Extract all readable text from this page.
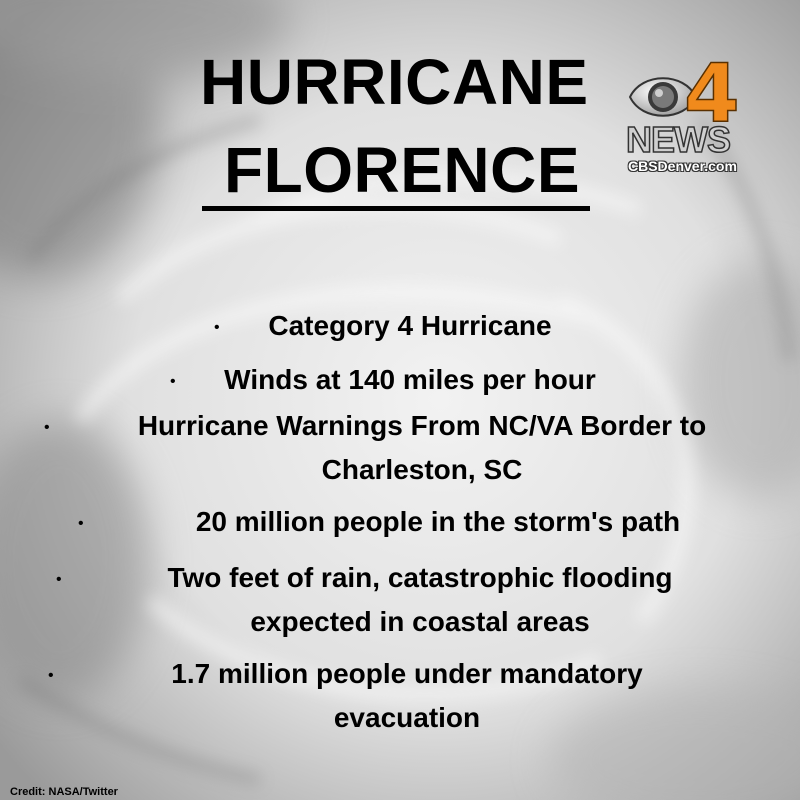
HURRICANE
FLORENCE
4
NEWS
CBSDenver.com
•	Category 4 Hurricane

•	Winds at 140 miles per hour

•	Hurricane Warnings From NC/VA Border to Charleston, SC

•	20 million people in the storm's path

•	Two feet of rain, catastrophic flooding expected in coastal areas

•	1.7 million people under mandatory evacuation

Credit: NASA/Twitter
